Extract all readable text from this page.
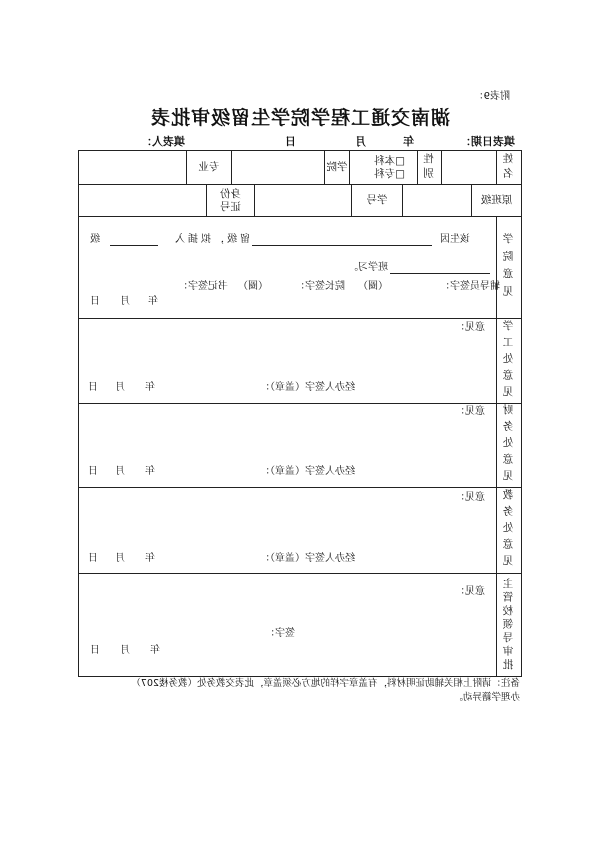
附表9：
湖南交通工程学院学生留级审批表
填表日期：
年
月
日
填表人：
姓名
性别
□本科
□专科
学院
专业
原班级
学号
身份证号
学院意见
该生因
留级，拟插入
级
班学习。
辅导员签字：
（圈）
院长签字：
（圈）
书记签字：
年
月
日
学工处意见
意见：
经办人签字（盖章）：
年
月
日
财务处意见
意见：
经办人签字（盖章）：
年
月
日
教务处意见
意见：
经办人签字（盖章）：
年
月
日
主管校领导审批
意见：
签字：
年
月
日
备注：请附上相关辅助证明材料，有盖章字样的地方必须盖章，此表交教务处（教务楼207）
办理学籍异动。
